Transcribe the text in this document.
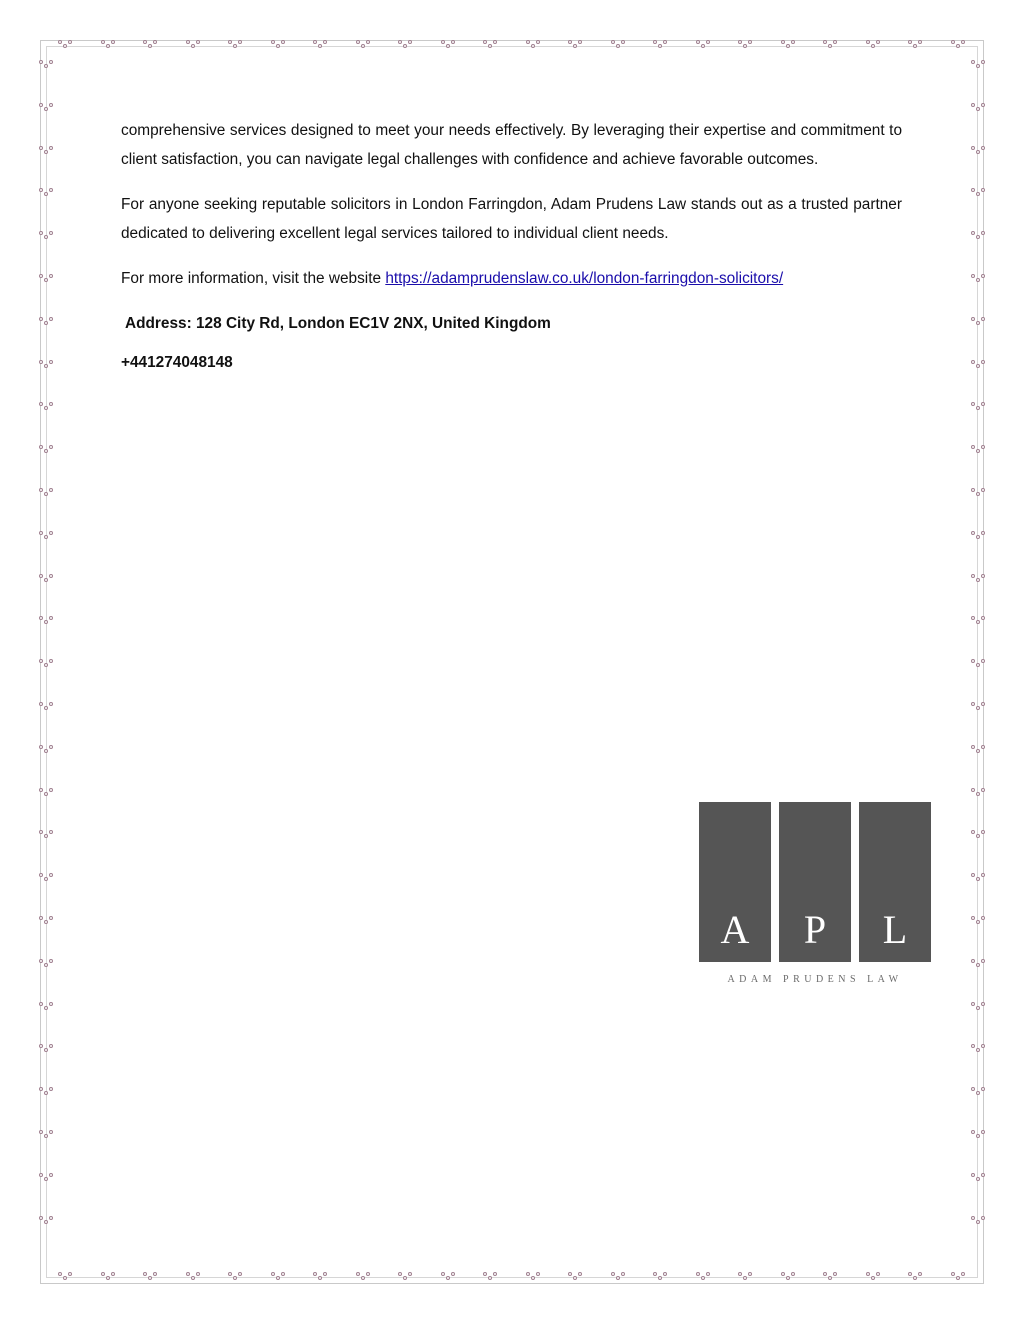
comprehensive services designed to meet your needs effectively. By leveraging their expertise and commitment to client satisfaction, you can navigate legal challenges with confidence and achieve favorable outcomes.

For anyone seeking reputable solicitors in London Farringdon, Adam Prudens Law stands out as a trusted partner dedicated to delivering excellent legal services tailored to individual client needs.

For more information, visit the website https://adamprudenslaw.co.uk/london-farringdon-solicitors/

Address: 128 City Rd, London EC1V 2NX, United Kingdom

+441274048148

A	P	L
ADAM PRUDENS LAW
